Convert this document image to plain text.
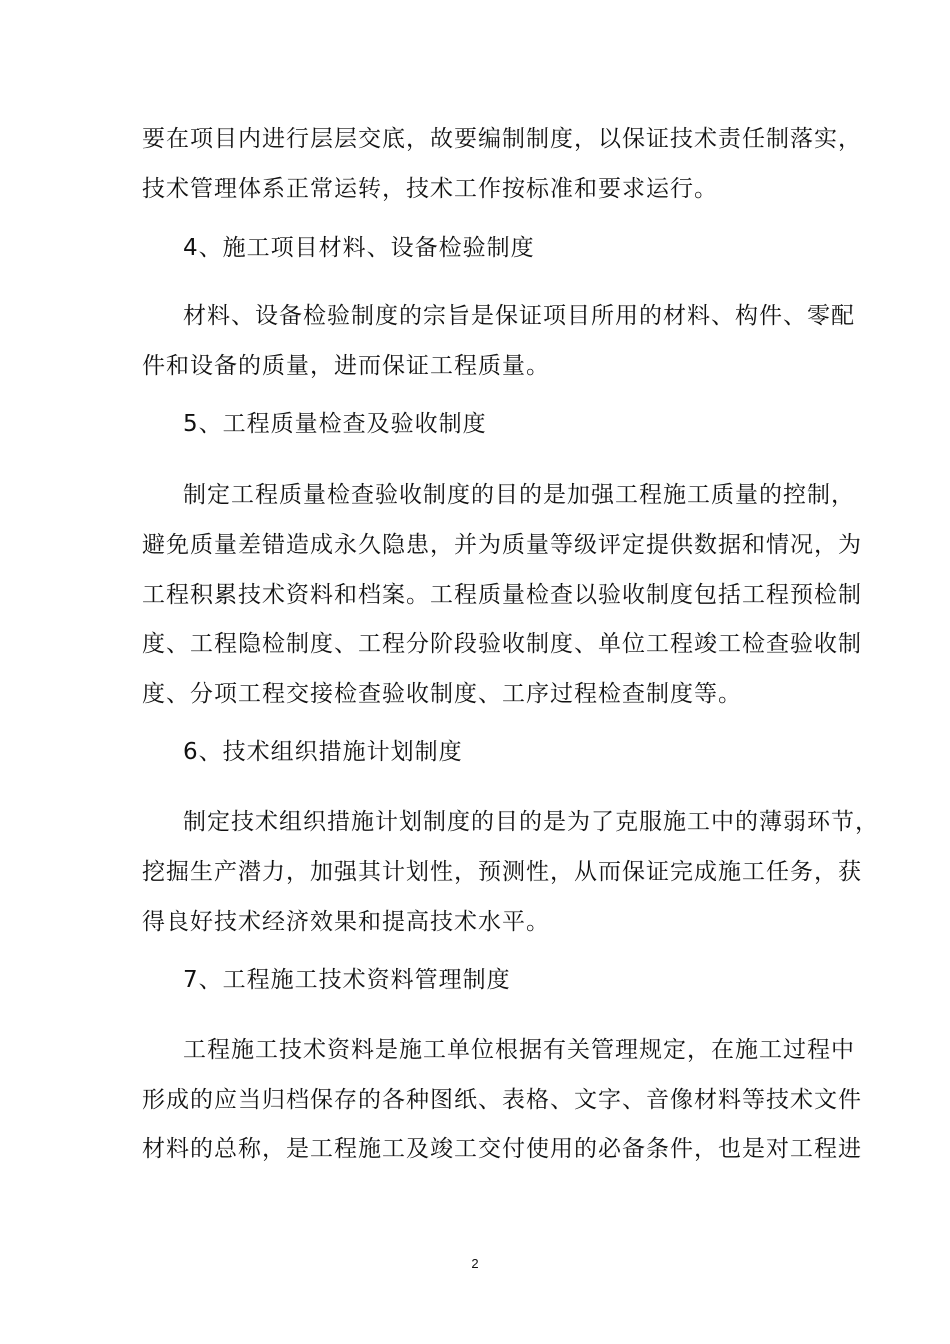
要在项目内进行层层交底，故要编制制度，以保证技术责任制落实，
技术管理体系正常运转，技术工作按标准和要求运行。
4、施工项目材料、设备检验制度
材料、设备检验制度的宗旨是保证项目所用的材料、构件、零配
件和设备的质量，进而保证工程质量。
5、工程质量检查及验收制度
制定工程质量检查验收制度的目的是加强工程施工质量的控制，
避免质量差错造成永久隐患，并为质量等级评定提供数据和情况，为
工程积累技术资料和档案。工程质量检查以验收制度包括工程预检制
度、工程隐检制度、工程分阶段验收制度、单位工程竣工检查验收制
度、分项工程交接检查验收制度、工序过程检查制度等。
6、技术组织措施计划制度
制定技术组织措施计划制度的目的是为了克服施工中的薄弱环节，
挖掘生产潜力，加强其计划性，预测性，从而保证完成施工任务，获
得良好技术经济效果和提高技术水平。
7、工程施工技术资料管理制度
工程施工技术资料是施工单位根据有关管理规定，在施工过程中
形成的应当归档保存的各种图纸、表格、文字、音像材料等技术文件
材料的总称，是工程施工及竣工交付使用的必备条件，也是对工程进
2
